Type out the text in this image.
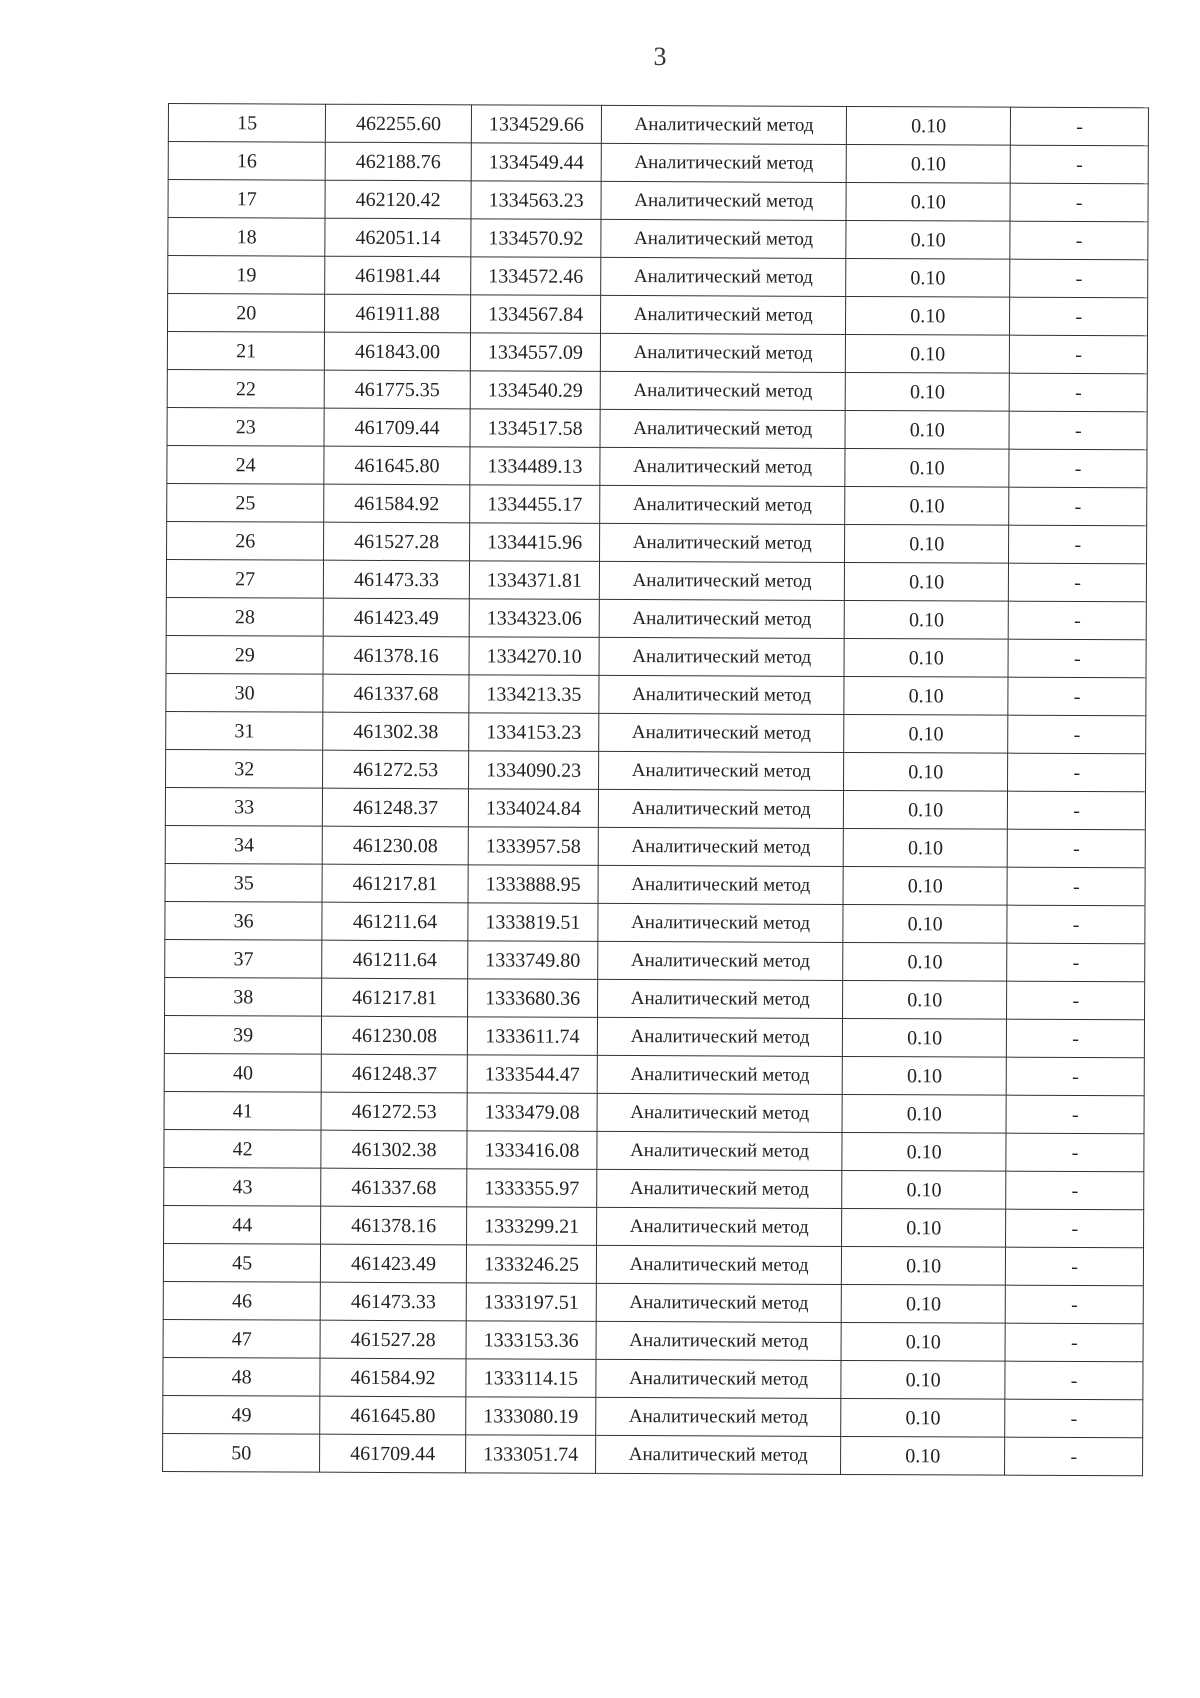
3
15	462255.60	1334529.66	Аналитический метод	0.10	-
16	462188.76	1334549.44	Аналитический метод	0.10	-
17	462120.42	1334563.23	Аналитический метод	0.10	-
18	462051.14	1334570.92	Аналитический метод	0.10	-
19	461981.44	1334572.46	Аналитический метод	0.10	-
20	461911.88	1334567.84	Аналитический метод	0.10	-
21	461843.00	1334557.09	Аналитический метод	0.10	-
22	461775.35	1334540.29	Аналитический метод	0.10	-
23	461709.44	1334517.58	Аналитический метод	0.10	-
24	461645.80	1334489.13	Аналитический метод	0.10	-
25	461584.92	1334455.17	Аналитический метод	0.10	-
26	461527.28	1334415.96	Аналитический метод	0.10	-
27	461473.33	1334371.81	Аналитический метод	0.10	-
28	461423.49	1334323.06	Аналитический метод	0.10	-
29	461378.16	1334270.10	Аналитический метод	0.10	-
30	461337.68	1334213.35	Аналитический метод	0.10	-
31	461302.38	1334153.23	Аналитический метод	0.10	-
32	461272.53	1334090.23	Аналитический метод	0.10	-
33	461248.37	1334024.84	Аналитический метод	0.10	-
34	461230.08	1333957.58	Аналитический метод	0.10	-
35	461217.81	1333888.95	Аналитический метод	0.10	-
36	461211.64	1333819.51	Аналитический метод	0.10	-
37	461211.64	1333749.80	Аналитический метод	0.10	-
38	461217.81	1333680.36	Аналитический метод	0.10	-
39	461230.08	1333611.74	Аналитический метод	0.10	-
40	461248.37	1333544.47	Аналитический метод	0.10	-
41	461272.53	1333479.08	Аналитический метод	0.10	-
42	461302.38	1333416.08	Аналитический метод	0.10	-
43	461337.68	1333355.97	Аналитический метод	0.10	-
44	461378.16	1333299.21	Аналитический метод	0.10	-
45	461423.49	1333246.25	Аналитический метод	0.10	-
46	461473.33	1333197.51	Аналитический метод	0.10	-
47	461527.28	1333153.36	Аналитический метод	0.10	-
48	461584.92	1333114.15	Аналитический метод	0.10	-
49	461645.80	1333080.19	Аналитический метод	0.10	-
50	461709.44	1333051.74	Аналитический метод	0.10	-
